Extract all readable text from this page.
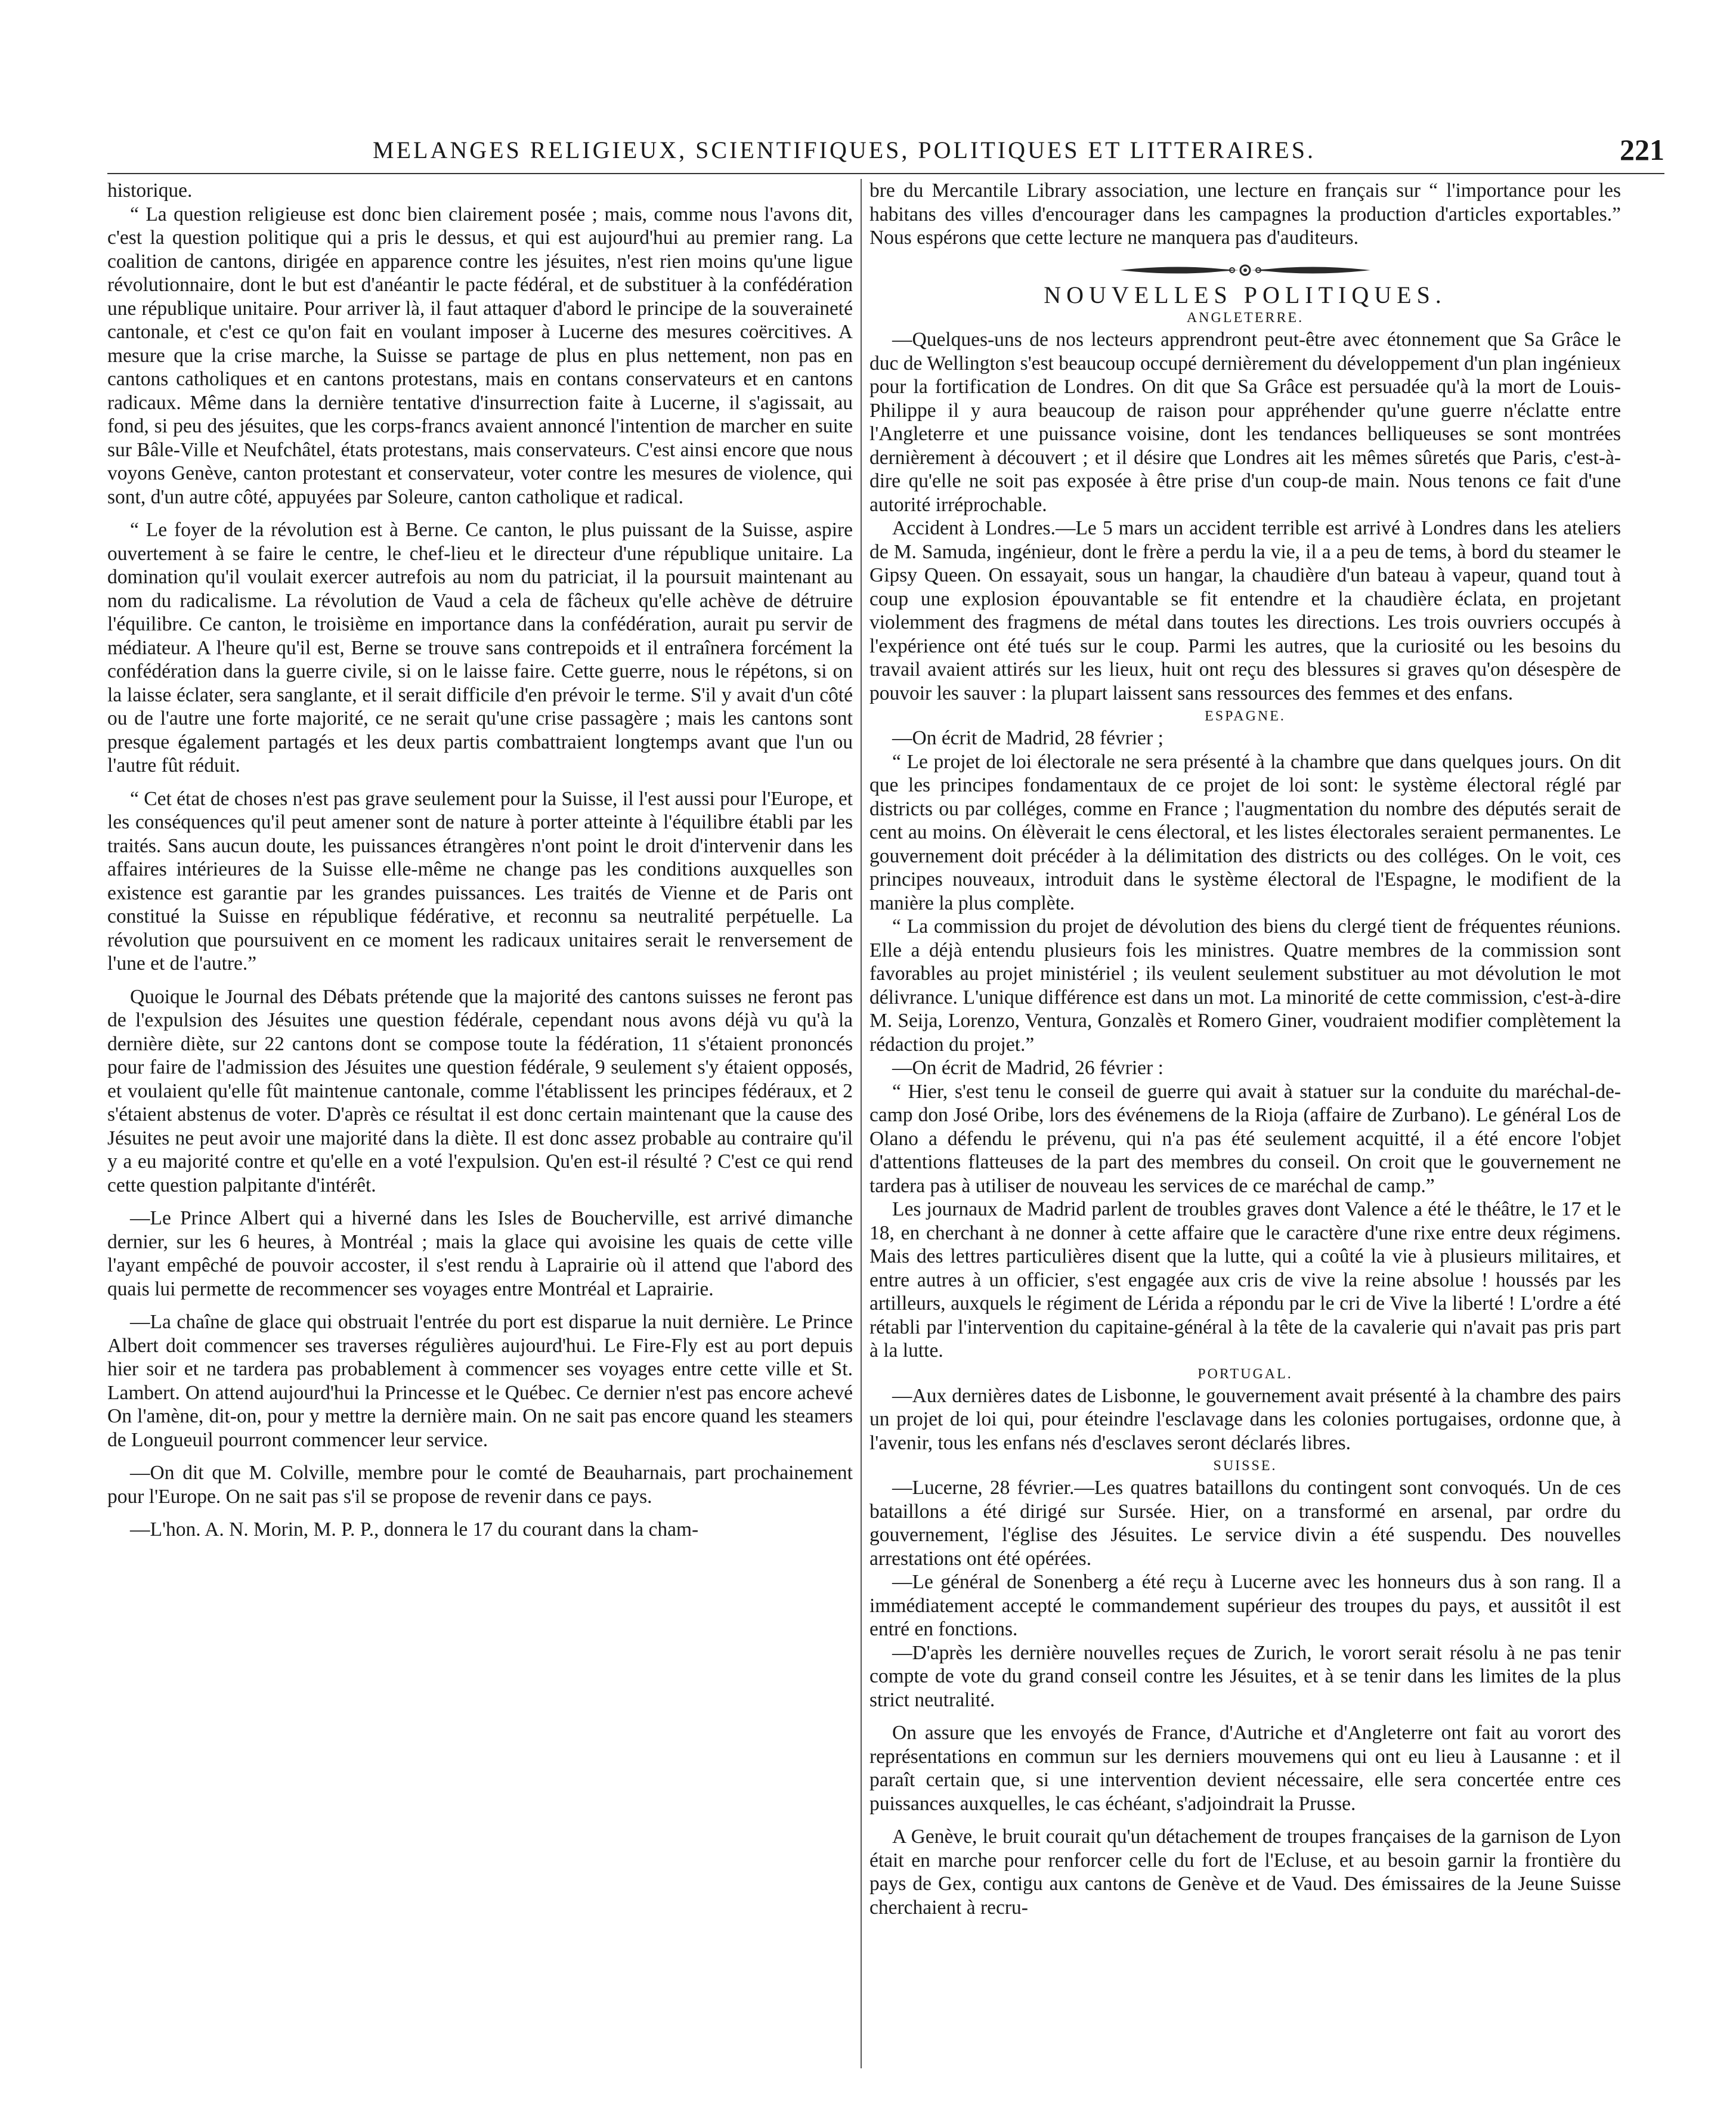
MELANGES RELIGIEUX, SCIENTIFIQUES, POLITIQUES ET LITTERAIRES.	221

historique.

“ La question religieuse est donc bien clairement posée ; mais, comme nous l'avons dit, c'est la question politique qui a pris le dessus, et qui est aujourd'hui au premier rang. La coalition de cantons, dirigée en apparence contre les jésuites, n'est rien moins qu'une ligue révolutionnaire, dont le but est d'anéantir le pacte fédéral, et de substituer à la confédération une république unitaire. Pour arriver là, il faut attaquer d'abord le principe de la souveraineté cantonale, et c'est ce qu'on fait en voulant imposer à Lucerne des mesures coërcitives. A mesure que la crise marche, la Suisse se partage de plus en plus nettement, non pas en cantons catholiques et en cantons protestans, mais en contans conservateurs et en cantons radicaux. Même dans la dernière tentative d'insurrection faite à Lucerne, il s'agissait, au fond, si peu des jésuites, que les corps-francs avaient annoncé l'intention de marcher en suite sur Bâle-Ville et Neufchâtel, états protestans, mais conservateurs. C'est ainsi encore que nous voyons Genève, canton protestant et conservateur, voter contre les mesures de violence, qui sont, d'un autre côté, appuyées par Soleure, canton catholique et radical.

“ Le foyer de la révolution est à Berne. Ce canton, le plus puissant de la Suisse, aspire ouvertement à se faire le centre, le chef-lieu et le directeur d'une république unitaire. La domination qu'il voulait exercer autrefois au nom du patriciat, il la poursuit maintenant au nom du radicalisme. La révolution de Vaud a cela de fâcheux qu'elle achève de détruire l'équilibre. Ce canton, le troisième en importance dans la confédération, aurait pu servir de médiateur. A l'heure qu'il est, Berne se trouve sans contrepoids et il entraînera forcément la confédération dans la guerre civile, si on le laisse faire. Cette guerre, nous le répétons, si on la laisse éclater, sera sanglante, et il serait difficile d'en prévoir le terme. S'il y avait d'un côté ou de l'autre une forte majorité, ce ne serait qu'une crise passagère ; mais les cantons sont presque également partagés et les deux partis combattraient longtemps avant que l'un ou l'autre fût réduit.

“ Cet état de choses n'est pas grave seulement pour la Suisse, il l'est aussi pour l'Europe, et les conséquences qu'il peut amener sont de nature à porter atteinte à l'équilibre établi par les traités. Sans aucun doute, les puissances étrangères n'ont point le droit d'intervenir dans les affaires intérieures de la Suisse elle-même ne change pas les conditions auxquelles son existence est garantie par les grandes puissances. Les traités de Vienne et de Paris ont constitué la Suisse en république fédérative, et reconnu sa neutralité perpétuelle. La révolution que poursuivent en ce moment les radicaux unitaires serait le renversement de l'une et de l'autre.”

Quoique le Journal des Débats prétende que la majorité des cantons suisses ne feront pas de l'expulsion des Jésuites une question fédérale, cependant nous avons déjà vu qu'à la dernière diète, sur 22 cantons dont se compose toute la fédération, 11 s'étaient prononcés pour faire de l'admission des Jésuites une question fédérale, 9 seulement s'y étaient opposés, et voulaient qu'elle fût maintenue cantonale, comme l'établissent les principes fédéraux, et 2 s'étaient abstenus de voter. D'après ce résultat il est donc certain maintenant que la cause des Jésuites ne peut avoir une majorité dans la diète. Il est donc assez probable au contraire qu'il y a eu majorité contre et qu'elle en a voté l'expulsion. Qu'en est-il résulté ? C'est ce qui rend cette question palpitante d'intérêt.

—Le Prince Albert qui a hiverné dans les Isles de Boucherville, est arrivé dimanche dernier, sur les 6 heures, à Montréal ; mais la glace qui avoisine les quais de cette ville l'ayant empêché de pouvoir accoster, il s'est rendu à Laprairie où il attend que l'abord des quais lui permette de recommencer ses voyages entre Montréal et Laprairie.

—La chaîne de glace qui obstruait l'entrée du port est disparue la nuit dernière. Le Prince Albert doit commencer ses traverses régulières aujourd'hui. Le Fire-Fly est au port depuis hier soir et ne tardera pas probablement à commencer ses voyages entre cette ville et St. Lambert. On attend aujourd'hui la Princesse et le Québec. Ce dernier n'est pas encore achevé On l'amène, dit-on, pour y mettre la dernière main. On ne sait pas encore quand les steamers de Longueuil pourront commencer leur service.

—On dit que M. Colville, membre pour le comté de Beauharnais, part prochainement pour l'Europe. On ne sait pas s'il se propose de revenir dans ce pays.

—L'hon. A. N. Morin, M. P. P., donnera le 17 du courant dans la cham-

bre du Mercantile Library association, une lecture en français sur “ l'importance pour les habitans des villes d'encourager dans les campagnes la production d'articles exportables.” Nous espérons que cette lecture ne manquera pas d'auditeurs.

NOUVELLES POLITIQUES.
ANGLETERRE.

—Quelques-uns de nos lecteurs apprendront peut-être avec étonnement que Sa Grâce le duc de Wellington s'est beaucoup occupé dernièrement du développement d'un plan ingénieux pour la fortification de Londres. On dit que Sa Grâce est persuadée qu'à la mort de Louis-Philippe il y aura beaucoup de raison pour appréhender qu'une guerre n'éclatte entre l'Angleterre et une puissance voisine, dont les tendances belliqueuses se sont montrées dernièrement à découvert ; et il désire que Londres ait les mêmes sûretés que Paris, c'est-à-dire qu'elle ne soit pas exposée à être prise d'un coup-de main. Nous tenons ce fait d'une autorité irréprochable.

Accident à Londres.—Le 5 mars un accident terrible est arrivé à Londres dans les ateliers de M. Samuda, ingénieur, dont le frère a perdu la vie, il a a peu de tems, à bord du steamer le Gipsy Queen. On essayait, sous un hangar, la chaudière d'un bateau à vapeur, quand tout à coup une explosion épouvantable se fit entendre et la chaudière éclata, en projetant violemment des fragmens de métal dans toutes les directions. Les trois ouvriers occupés à l'expérience ont été tués sur le coup. Parmi les autres, que la curiosité ou les besoins du travail avaient attirés sur les lieux, huit ont reçu des blessures si graves qu'on désespère de pouvoir les sauver : la plupart laissent sans ressources des femmes et des enfans.

ESPAGNE.

—On écrit de Madrid, 28 février ;

“ Le projet de loi électorale ne sera présenté à la chambre que dans quelques jours. On dit que les principes fondamentaux de ce projet de loi sont: le système électoral réglé par districts ou par colléges, comme en France ; l'augmentation du nombre des députés serait de cent au moins. On élèverait le cens électoral, et les listes électorales seraient permanentes. Le gouvernement doit précéder à la délimitation des districts ou des colléges. On le voit, ces principes nouveaux, introduit dans le système électoral de l'Espagne, le modifient de la manière la plus complète.

“ La commission du projet de dévolution des biens du clergé tient de fréquentes réunions. Elle a déjà entendu plusieurs fois les ministres. Quatre membres de la commission sont favorables au projet ministériel ; ils veulent seulement substituer au mot dévolution le mot délivrance. L'unique différence est dans un mot. La minorité de cette commission, c'est-à-dire M. Seija, Lorenzo, Ventura, Gonzalès et Romero Giner, voudraient modifier complètement la rédaction du projet.”

—On écrit de Madrid, 26 février :

“ Hier, s'est tenu le conseil de guerre qui avait à statuer sur la conduite du maréchal-de-camp don José Oribe, lors des événemens de la Rioja (affaire de Zurbano). Le général Los de Olano a défendu le prévenu, qui n'a pas été seulement acquitté, il a été encore l'objet d'attentions flatteuses de la part des membres du conseil. On croit que le gouvernement ne tardera pas à utiliser de nouveau les services de ce maréchal de camp.”

Les journaux de Madrid parlent de troubles graves dont Valence a été le théâtre, le 17 et le 18, en cherchant à ne donner à cette affaire que le caractère d'une rixe entre deux régimens. Mais des lettres particulières disent que la lutte, qui a coûté la vie à plusieurs militaires, et entre autres à un officier, s'est engagée aux cris de vive la reine absolue ! houssés par les artilleurs, auxquels le régiment de Lérida a répondu par le cri de Vive la liberté ! L'ordre a été rétabli par l'intervention du capitaine-général à la tête de la cavalerie qui n'avait pas pris part à la lutte.

PORTUGAL.

—Aux dernières dates de Lisbonne, le gouvernement avait présenté à la chambre des pairs un projet de loi qui, pour éteindre l'esclavage dans les colonies portugaises, ordonne que, à l'avenir, tous les enfans nés d'esclaves seront déclarés libres.

SUISSE.

—Lucerne, 28 février.—Les quatres bataillons du contingent sont convoqués. Un de ces bataillons a été dirigé sur Sursée. Hier, on a transformé en arsenal, par ordre du gouvernement, l'église des Jésuites. Le service divin a été suspendu. Des nouvelles arrestations ont été opérées.

—Le général de Sonenberg a été reçu à Lucerne avec les honneurs dus à son rang. Il a immédiatement accepté le commandement supérieur des troupes du pays, et aussitôt il est entré en fonctions.

—D'après les dernière nouvelles reçues de Zurich, le vorort serait résolu à ne pas tenir compte de vote du grand conseil contre les Jésuites, et à se tenir dans les limites de la plus strict neutralité.

On assure que les envoyés de France, d'Autriche et d'Angleterre ont fait au vorort des représentations en commun sur les derniers mouvemens qui ont eu lieu à Lausanne : et il paraît certain que, si une intervention devient nécessaire, elle sera concertée entre ces puissances auxquelles, le cas échéant, s'adjoindrait la Prusse.

A Genève, le bruit courait qu'un détachement de troupes françaises de la garnison de Lyon était en marche pour renforcer celle du fort de l'Ecluse, et au besoin garnir la frontière du pays de Gex, contigu aux cantons de Genève et de Vaud. Des émissaires de la Jeune Suisse cherchaient à recru-
